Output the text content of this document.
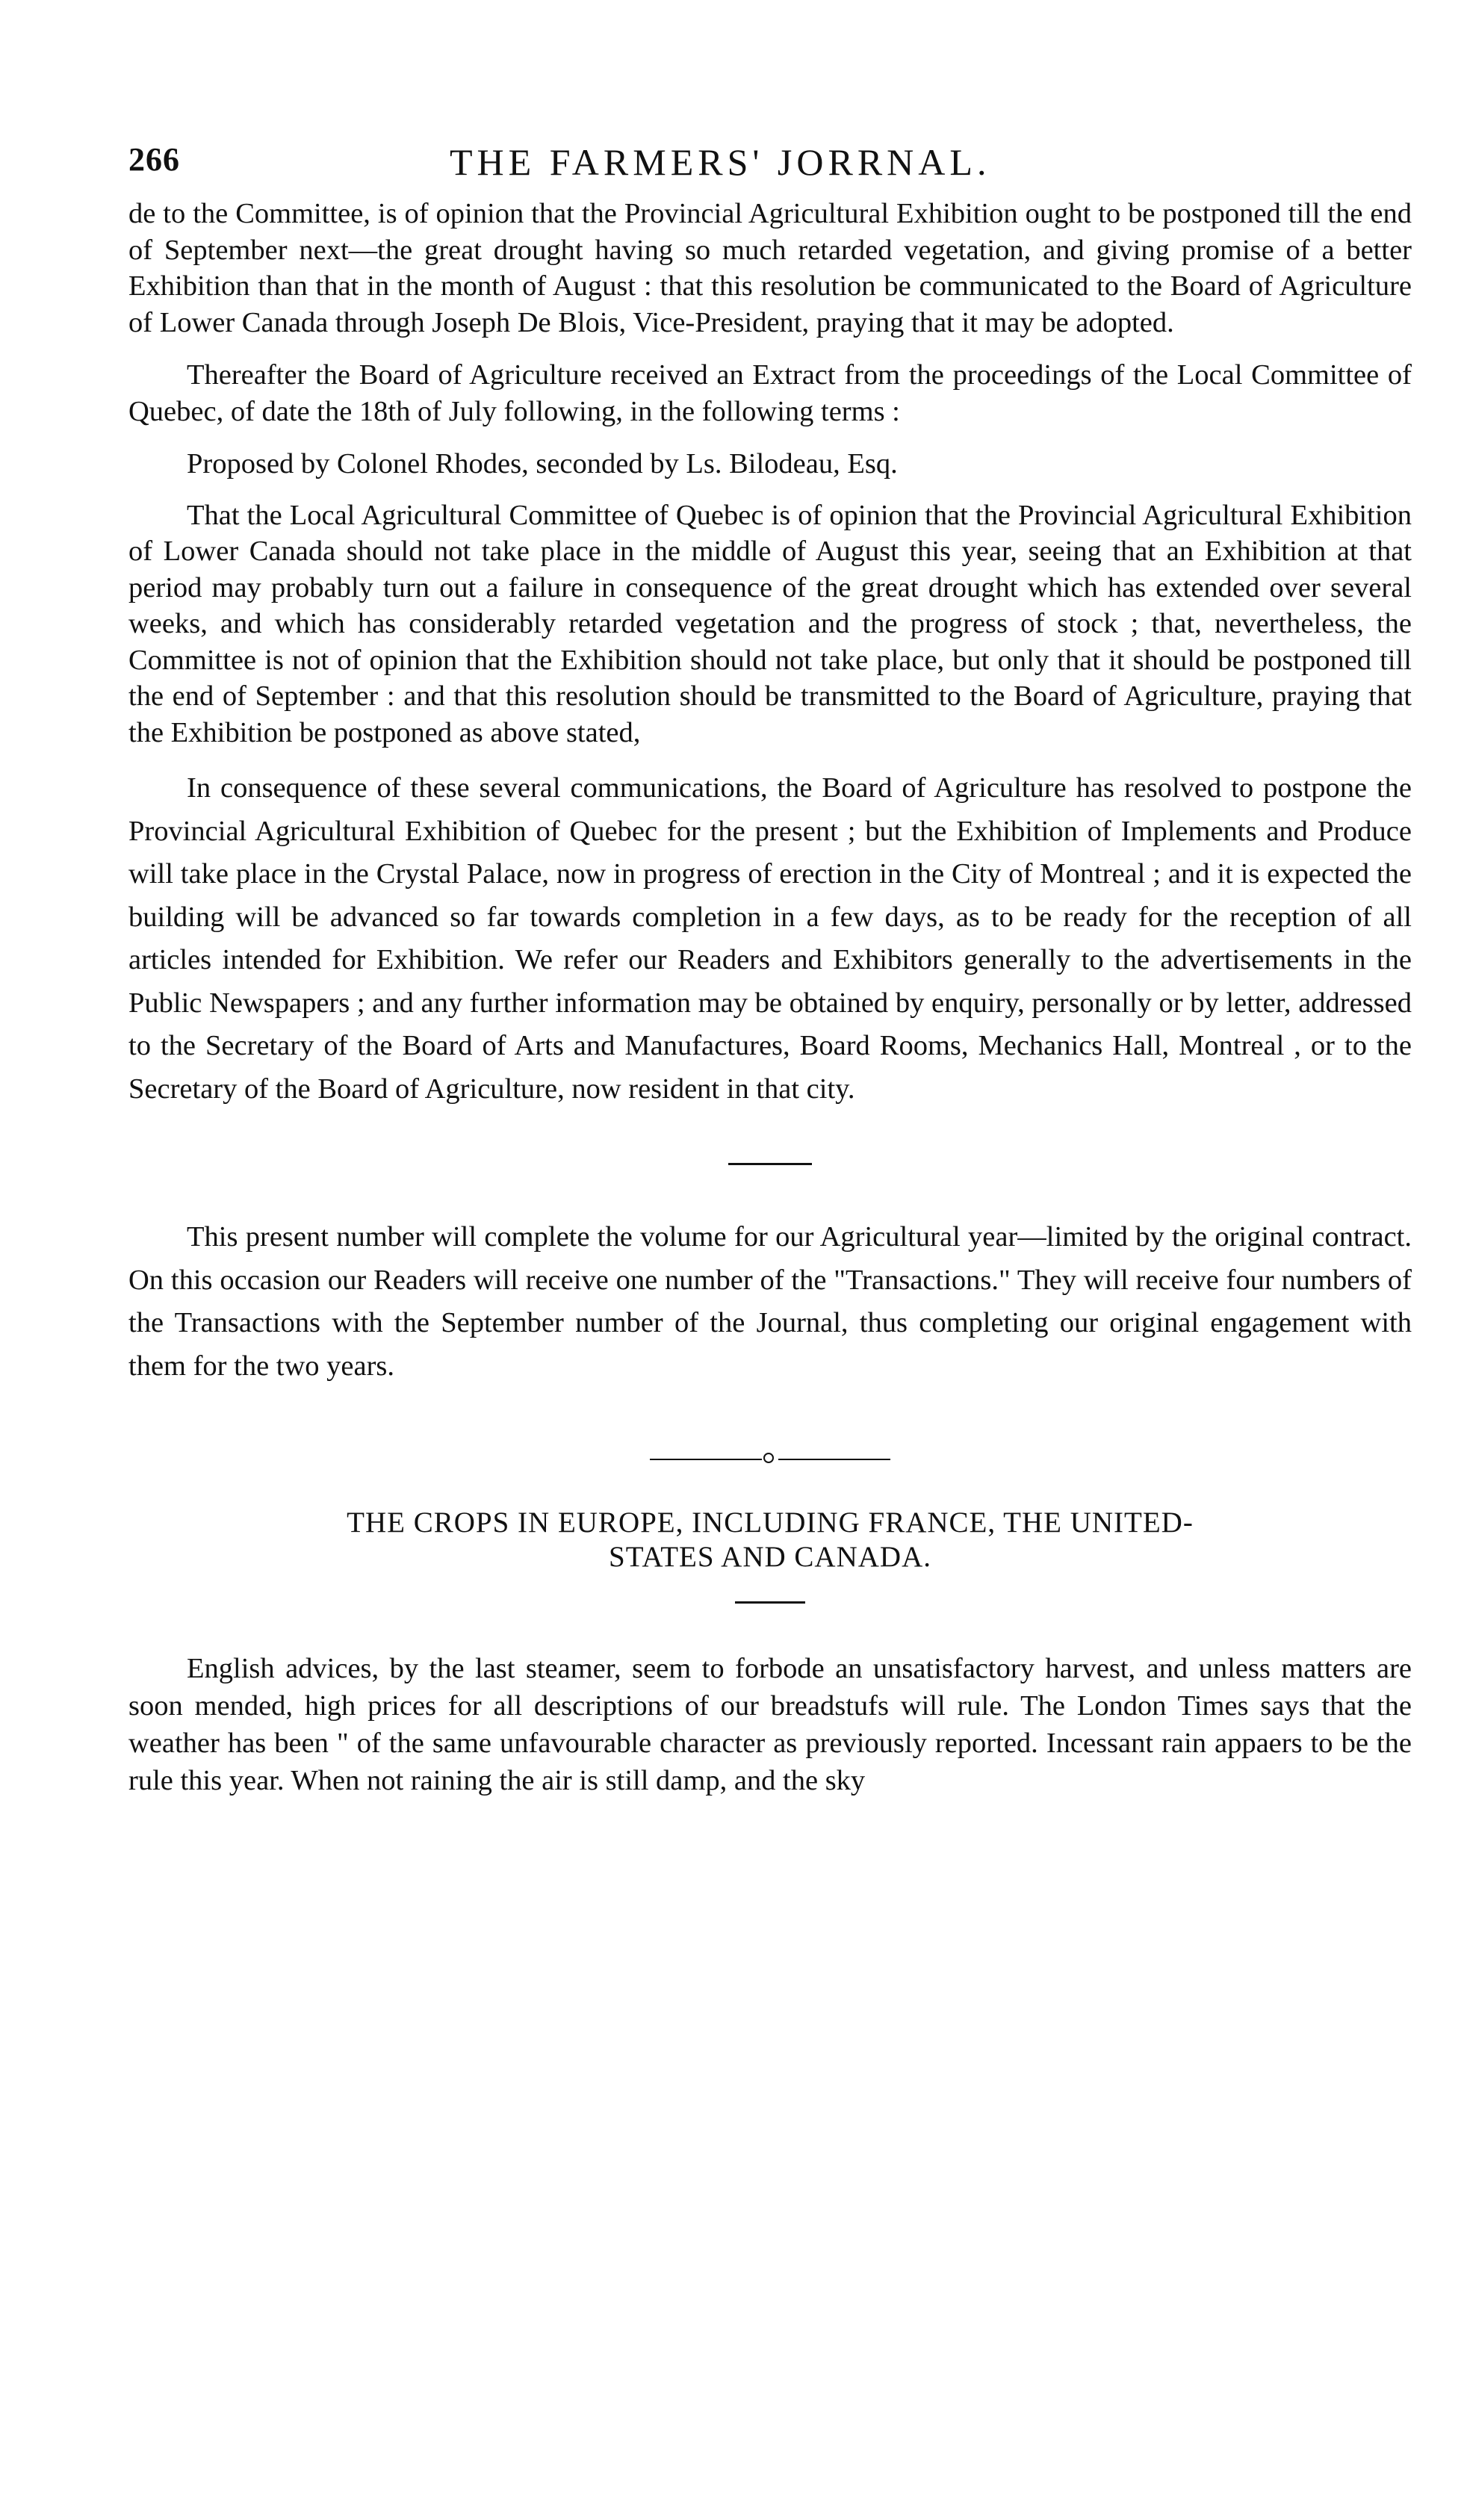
266	THE FARMERS' JORRNAL.

de to the Committee, is of opinion that the Provincial Agricultural Exhibition ought to be postponed till the end of September next—the great drought having so much retarded vegetation, and giving promise of a better Exhibition than that in the month of August : that this resolution be communicated to the Board of Agriculture of Lower Canada through Joseph De Blois, Vice-President, praying that it may be adopted.

Thereafter the Board of Agriculture received an Extract from the proceedings of the Local Committee of Quebec, of date the 18th of July following, in the following terms :

Proposed by Colonel Rhodes, seconded by Ls. Bilodeau, Esq.

That the Local Agricultural Committee of Quebec is of opinion that the Provincial Agricultural Exhibition of Lower Canada should not take place in the middle of August this year, seeing that an Exhibition at that period may probably turn out a failure in consequence of the great drought which has extended over several weeks, and which has considerably retarded vegetation and the progress of stock ; that, nevertheless, the Committee is not of opinion that the Exhibition should not take place, but only that it should be postponed till the end of September : and that this resolution should be transmitted to the Board of Agriculture, praying that the Exhibition be postponed as above stated,

In consequence of these several communications, the Board of Agriculture has resolved to postpone the Provincial Agricultural Exhibition of Quebec for the present ; but the Exhibition of Implements and Produce will take place in the Crystal Palace, now in progress of erection in the City of Montreal ; and it is expected the building will be advanced so far towards completion in a few days, as to be ready for the reception of all articles intended for Exhibition. We refer our Readers and Exhibitors generally to the advertisements in the Public Newspapers ; and any further information may be obtained by enquiry, personally or by letter, addressed to the Secretary of the Board of Arts and Manufactures, Board Rooms, Mechanics Hall, Montreal , or to the Secretary of the Board of Agriculture, now resident in that city.

This present number will complete the volume for our Agricultural year—limited by the original contract. On this occasion our Readers will receive one number of the "Transactions." They will receive four numbers of the Transactions with the September number of the Journal, thus completing our original engagement with them for the two years.

THE CROPS IN EUROPE, INCLUDING FRANCE, THE UNITED-
STATES AND CANADA.

English advices, by the last steamer, seem to forbode an unsatisfactory harvest, and unless matters are soon mended, high prices for all descriptions of our breadstufs will rule. The London Times says that the weather has been " of the same unfavourable character as previously reported. Incessant rain appaers to be the rule this year. When not raining the air is still damp, and the sky
